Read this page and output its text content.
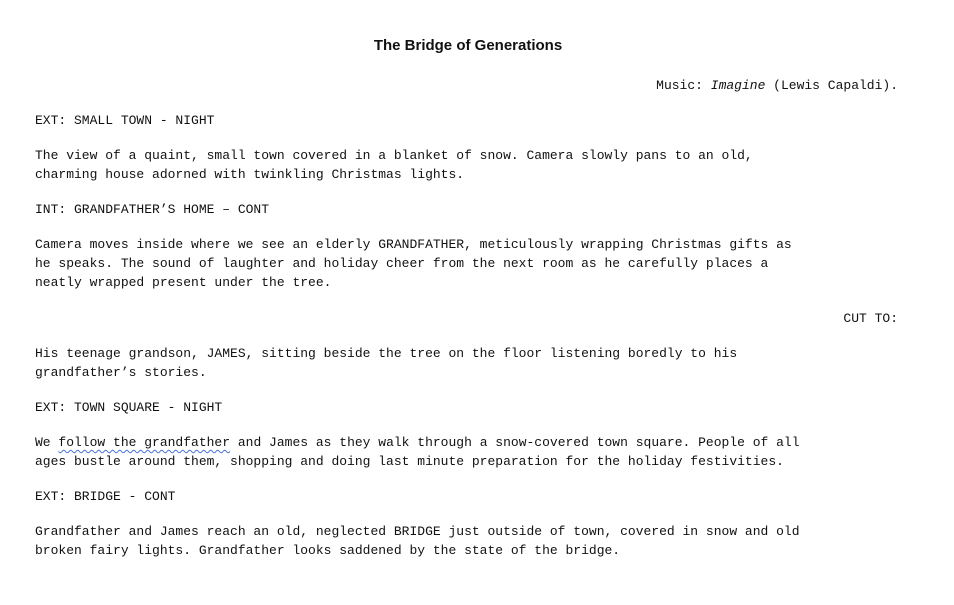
The Bridge of Generations
Music: Imagine (Lewis Capaldi).
EXT: SMALL TOWN - NIGHT
The view of a quaint, small town covered in a blanket of snow. Camera slowly pans to an old,
charming house adorned with twinkling Christmas lights.
INT: GRANDFATHER’S HOME – CONT
Camera moves inside where we see an elderly GRANDFATHER, meticulously wrapping Christmas gifts as
he speaks. The sound of laughter and holiday cheer from the next room as he carefully places a
neatly wrapped present under the tree.
CUT TO:
His teenage grandson, JAMES, sitting beside the tree on the floor listening boredly to his
grandfather’s stories.
EXT: TOWN SQUARE - NIGHT
We follow the grandfather and James as they walk through a snow-covered town square. People of all
ages bustle around them, shopping and doing last minute preparation for the holiday festivities.
EXT: BRIDGE - CONT
Grandfather and James reach an old, neglected BRIDGE just outside of town, covered in snow and old
broken fairy lights. Grandfather looks saddened by the state of the bridge.
